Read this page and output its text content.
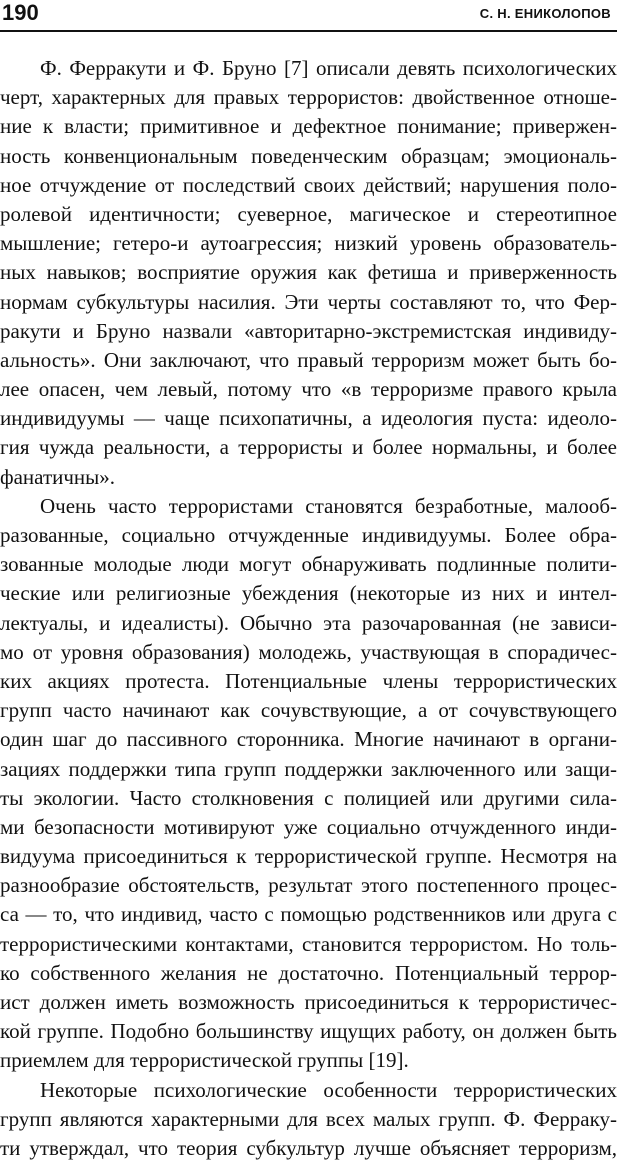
190	С. Н. ЕНИКОЛОПОВ
Ф. Ферракути и Ф. Бруно [7] описали девять психологических
черт, характерных для правых террористов: двойственное отноше-
ние к власти; примитивное и дефектное понимание; привержен-
ность конвенциональным поведенческим образцам; эмоциональ-
ное отчуждение от последствий своих действий; нарушения поло-
ролевой идентичности; суеверное, магическое и стереотипное
мышление; гетеро-и аутоагрессия; низкий уровень образователь-
ных навыков; восприятие оружия как фетиша и приверженность
нормам субкультуры насилия. Эти черты составляют то, что Фер-
ракути и Бруно назвали «авторитарно-экстремистская индивиду-
альность». Они заключают, что правый терроризм может быть бо-
лее опасен, чем левый, потому что «в терроризме правого крыла
индивидуумы — чаще психопатичны, а идеология пуста: идеоло-
гия чужда реальности, а террористы и более нормальны, и более
фанатичны».
Очень часто террористами становятся безработные, малооб-
разованные, социально отчужденные индивидуумы. Более обра-
зованные молодые люди могут обнаруживать подлинные полити-
ческие или религиозные убеждения (некоторые из них и интел-
лектуалы, и идеалисты). Обычно эта разочарованная (не зависи-
мо от уровня образования) молодежь, участвующая в спорадичес-
ких акциях протеста. Потенциальные члены террористических
групп часто начинают как сочувствующие, а от сочувствующего
один шаг до пассивного сторонника. Многие начинают в органи-
зациях поддержки типа групп поддержки заключенного или защи-
ты экологии. Часто столкновения с полицией или другими сила-
ми безопасности мотивируют уже социально отчужденного инди-
видуума присоединиться к террористической группе. Несмотря на
разнообразие обстоятельств, результат этого постепенного процес-
са — то, что индивид, часто с помощью родственников или друга с
террористическими контактами, становится террористом. Но толь-
ко собственного желания не достаточно. Потенциальный террор-
ист должен иметь возможность присоединиться к террористичес-
кой группе. Подобно большинству ищущих работу, он должен быть
приемлем для террористической группы [19].
Некоторые психологические особенности террористических
групп являются характерными для всех малых групп. Ф. Ферраку-
ти утверждал, что теория субкультур лучше объясняет терроризм,
